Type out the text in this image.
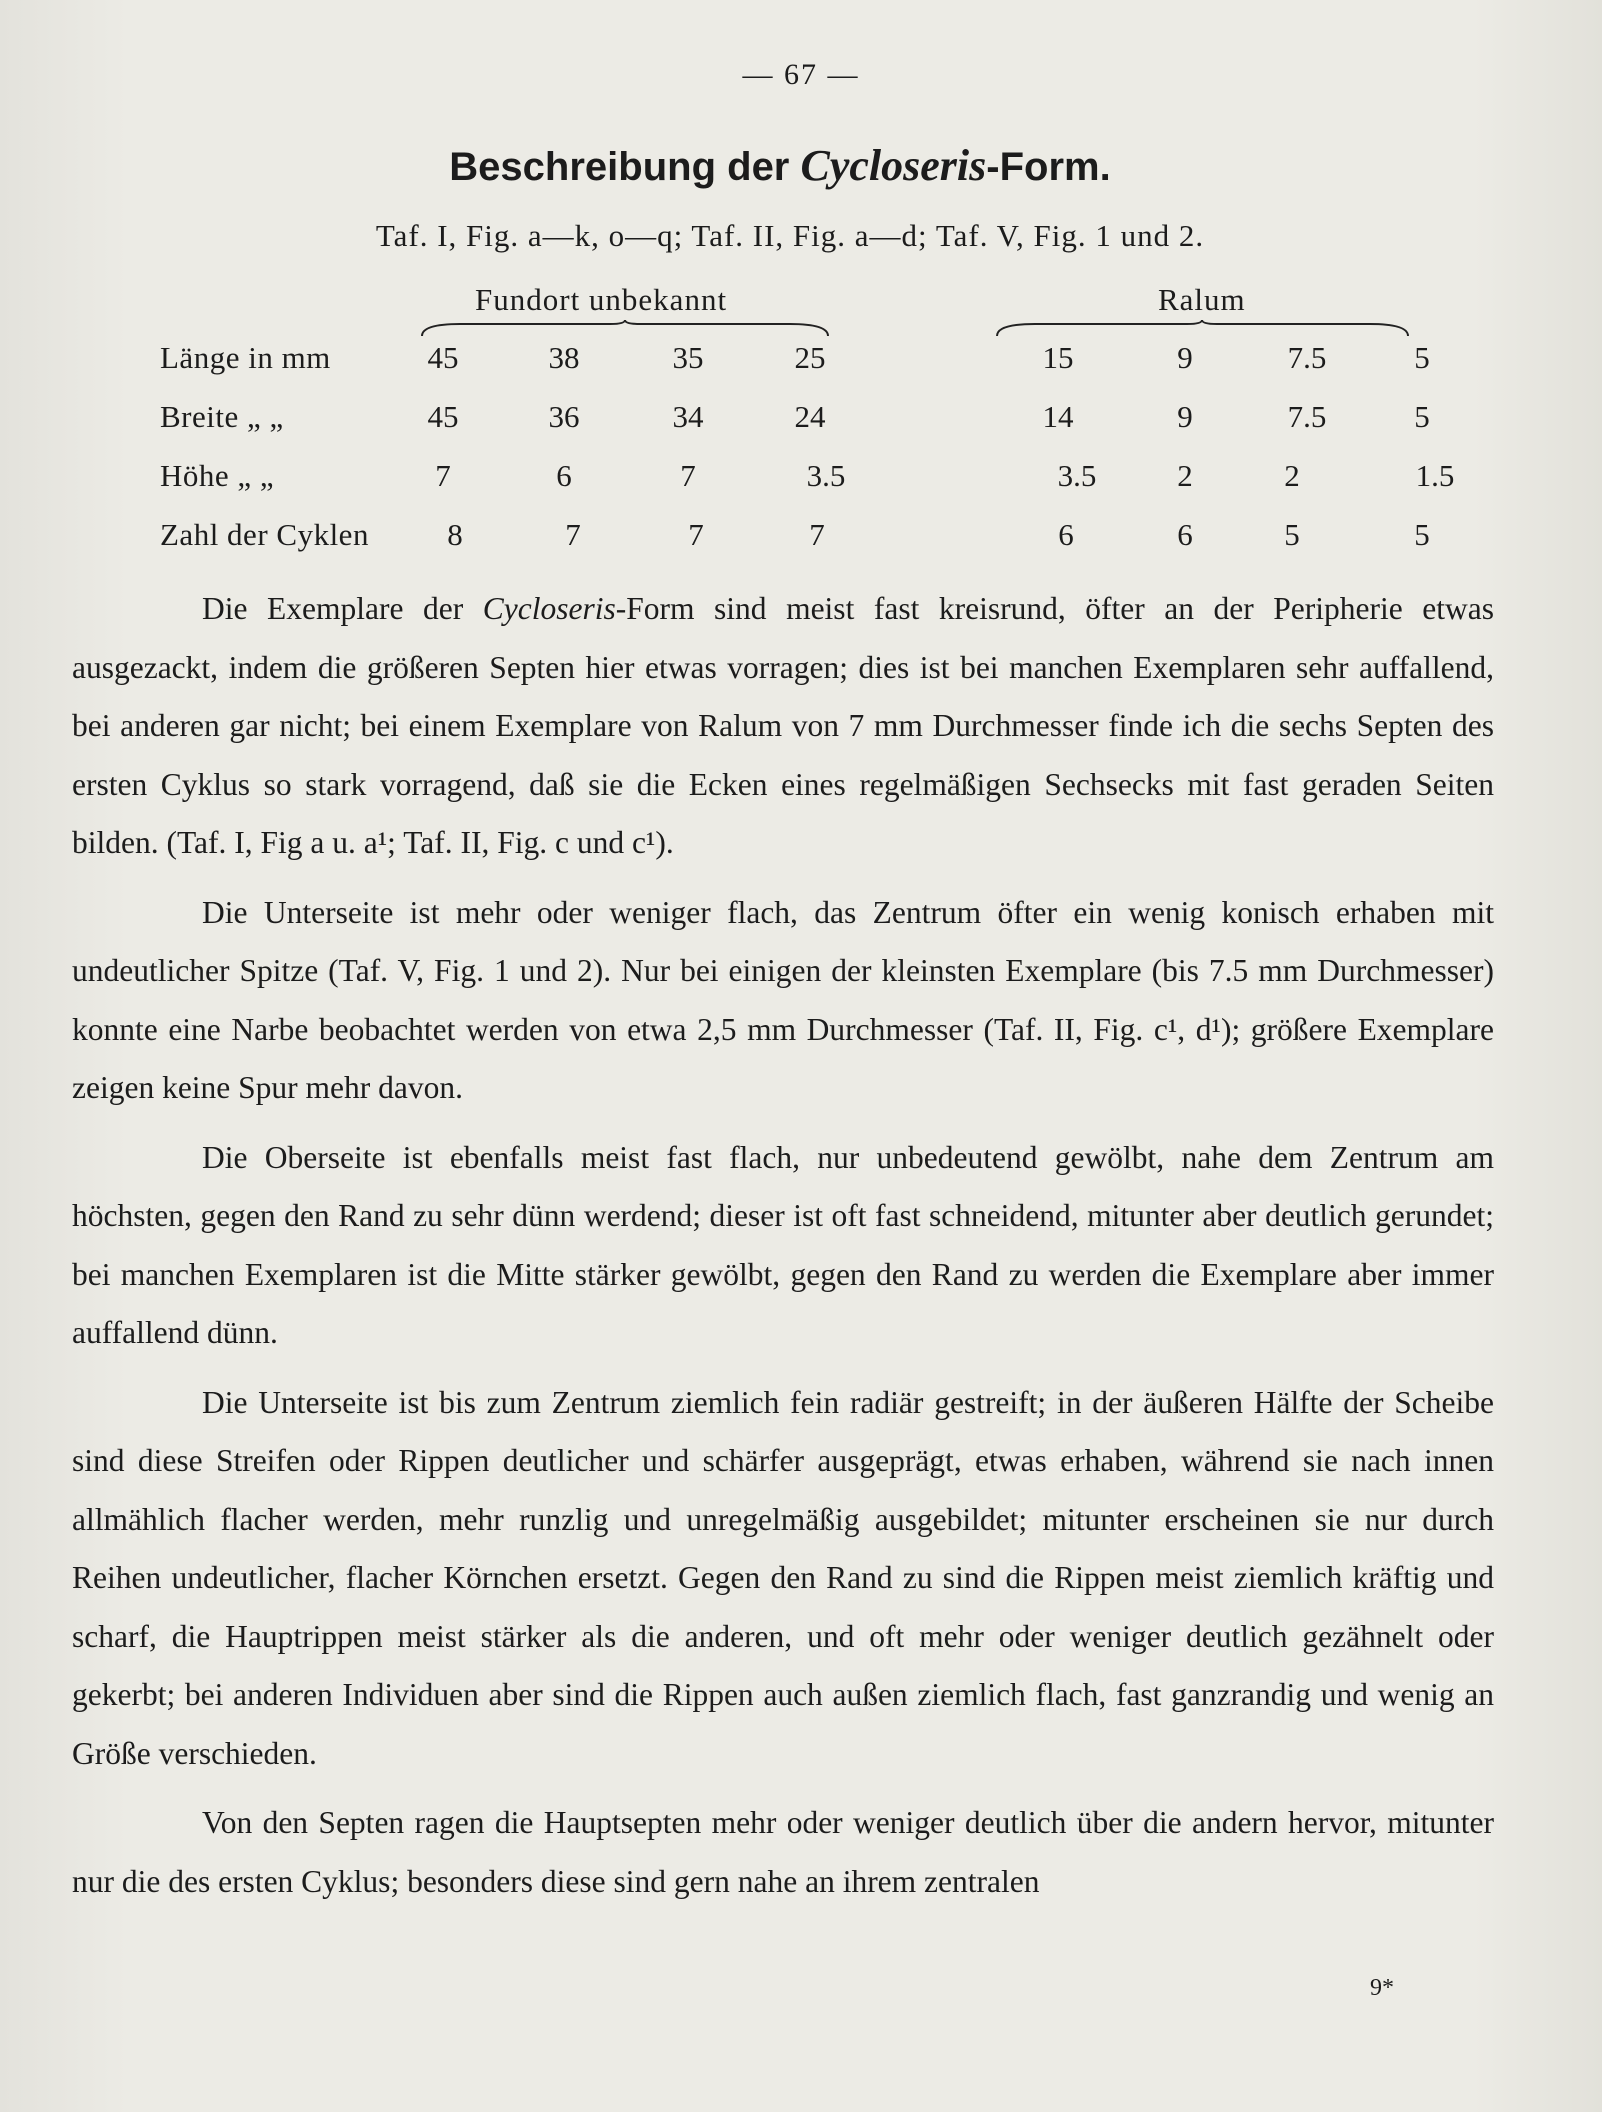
— 67 —
Beschreibung der Cycloseris-Form.
Taf. I, Fig. a—k, o—q; Taf. II, Fig. a—d; Taf. V, Fig. 1 und 2.
Fundort unbekannt	Ralum
Länge in mm	45	38	35	25	15	9	7.5	5
Breite „ „	45	36	34	24	14	9	7.5	5
Höhe „ „	7	6	7	3.5	3.5	2	2	1.5
Zahl der Cyklen	8	7	7	7	6	6	5	5

Die Exemplare der Cycloseris-Form sind meist fast kreisrund, öfter an der Peripherie etwas ausgezackt, indem die größeren Septen hier etwas vorragen; dies ist bei manchen Exemplaren sehr auffallend, bei anderen gar nicht; bei einem Exemplare von Ralum von 7 mm Durchmesser finde ich die sechs Septen des ersten Cyklus so stark vorragend, daß sie die Ecken eines regelmäßigen Sechsecks mit fast geraden Seiten bilden. (Taf. I, Fig a u. a¹; Taf. II, Fig. c und c¹).

Die Unterseite ist mehr oder weniger flach, das Zentrum öfter ein wenig konisch erhaben mit undeutlicher Spitze (Taf. V, Fig. 1 und 2). Nur bei einigen der kleinsten Exemplare (bis 7.5 mm Durchmesser) konnte eine Narbe beobachtet werden von etwa 2,5 mm Durchmesser (Taf. II, Fig. c¹, d¹); größere Exemplare zeigen keine Spur mehr davon.

Die Oberseite ist ebenfalls meist fast flach, nur unbedeutend gewölbt, nahe dem Zentrum am höchsten, gegen den Rand zu sehr dünn werdend; dieser ist oft fast schneidend, mitunter aber deutlich gerundet; bei manchen Exemplaren ist die Mitte stärker gewölbt, gegen den Rand zu werden die Exemplare aber immer auffallend dünn.

Die Unterseite ist bis zum Zentrum ziemlich fein radiär gestreift; in der äußeren Hälfte der Scheibe sind diese Streifen oder Rippen deutlicher und schärfer ausgeprägt, etwas erhaben, während sie nach innen allmählich flacher werden, mehr runzlig und unregelmäßig ausgebildet; mitunter erscheinen sie nur durch Reihen undeutlicher, flacher Körnchen ersetzt. Gegen den Rand zu sind die Rippen meist ziemlich kräftig und scharf, die Hauptrippen meist stärker als die anderen, und oft mehr oder weniger deutlich gezähnelt oder gekerbt; bei anderen Individuen aber sind die Rippen auch außen ziemlich flach, fast ganzrandig und wenig an Größe verschieden.

Von den Septen ragen die Hauptsepten mehr oder weniger deutlich über die andern hervor, mitunter nur die des ersten Cyklus; besonders diese sind gern nahe an ihrem zentralen

9*
